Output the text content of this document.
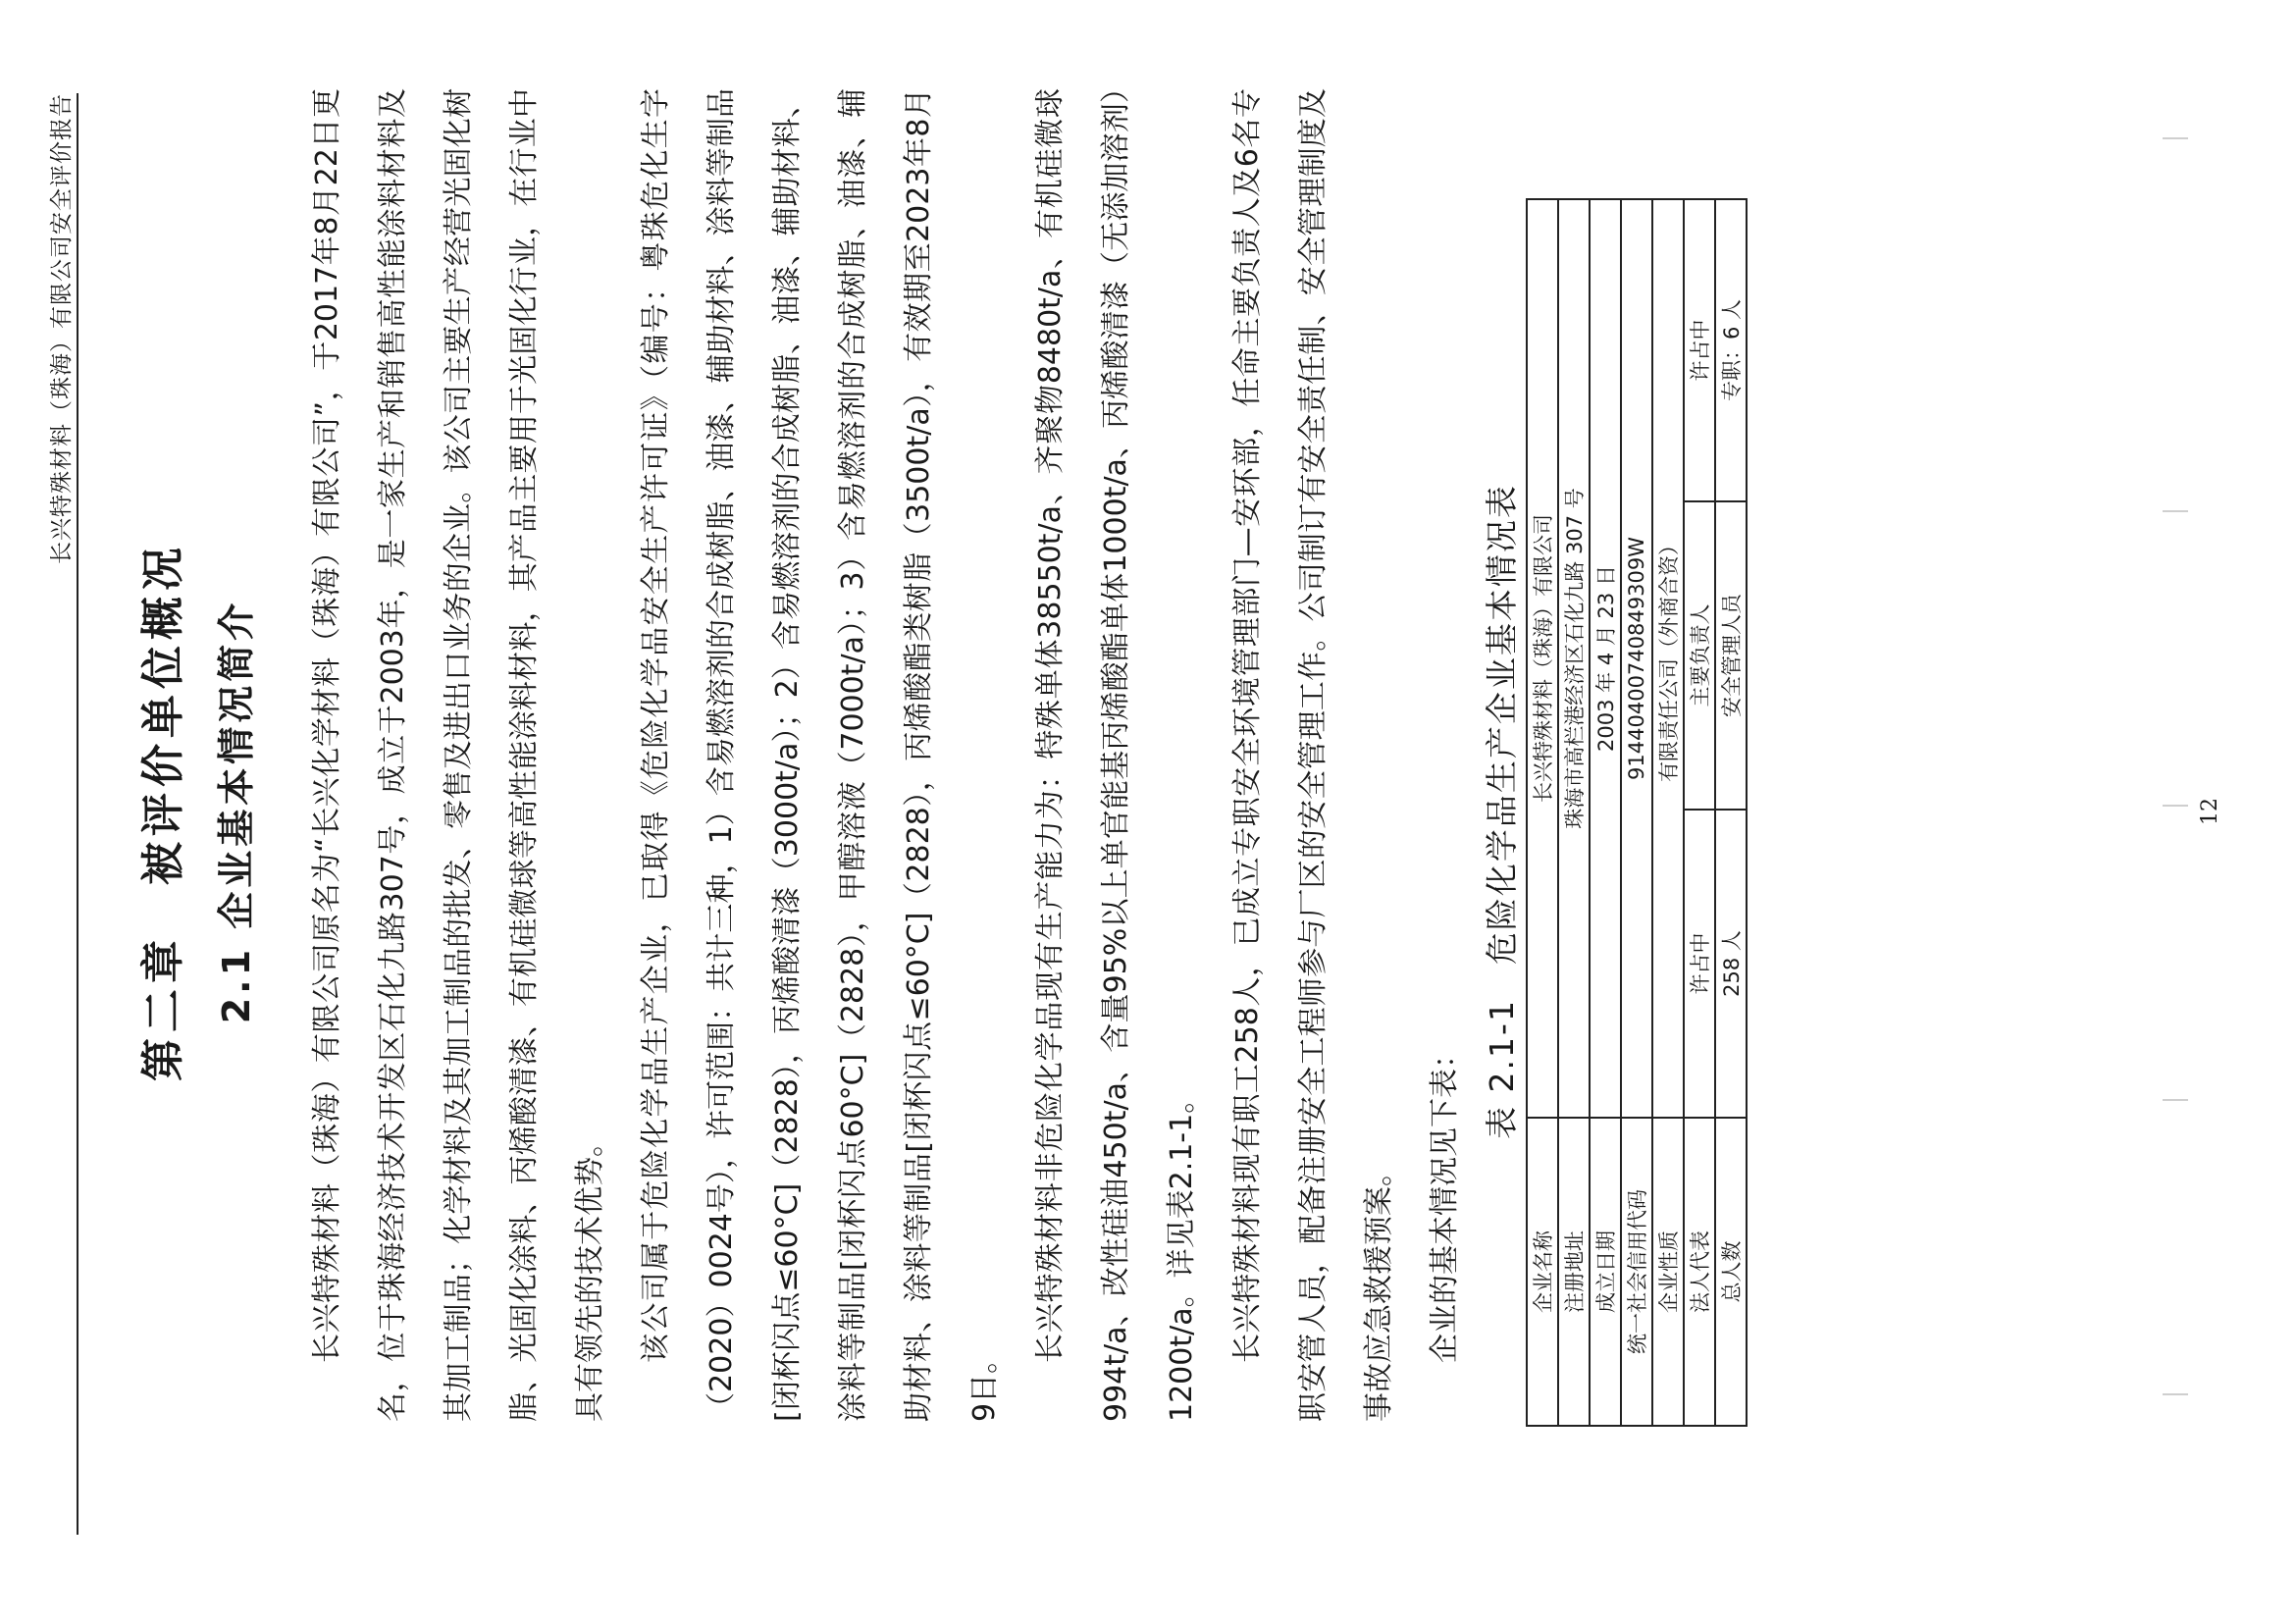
长兴特殊材料（珠海）有限公司安全评价报告
第二章　被评价单位概况 2.1 企业基本情况简介	长兴特殊材料（珠海）有限公司原名为“长兴化学材料（珠海）有限公司”，于2017年8月22日更名，位于珠海经济技术开发区石化九路307号，成立于2003年，是一家生产和销售高性能涂料材料及其加工制品；化学材料及其加工制品的批发、零售及进出口业务的企业。该公司主要生产经营光固化树脂、光固化涂料、丙烯酸清漆、有机硅微球等高性能涂料材料，其产品主要用于光固化行业，在行业中具有领先的技术优势。	该公司属于危险化学品生产企业，已取得《危险化学品安全生产许可证》（编号：粤珠危化生字（2020）0024号），许可范围：共计三种，1）含易燃溶剂的合成树脂、油漆、辅助材料、涂料等制品[闭杯闪点≤60°C]（2828），丙烯酸清漆（3000t/a）；2）含易燃溶剂的合成树脂、油漆、辅助材料、涂料等制品[闭杯闪点60°C]（2828），甲醇溶液（7000t/a）；3）含易燃溶剂的合成树脂、油漆、辅助材料、涂料等制品[闭杯闪点≤60°C]（2828），丙烯酸酯类树脂（3500t/a），有效期至2023年8月9日。

长兴特殊材料非危险化学品现有生产能力为：特殊单体38550t/a、齐聚物8480t/a、有机硅微球994t/a、改性硅油450t/a、含量95%以上单官能基丙烯酸酯单体1000t/a、丙烯酸清漆（无添加溶剂）1200t/a。详见表2.1-1。	长兴特殊材料现有职工258人，已成立专职安全环境管理部门—安环部，任命主要负责人及6名专职安管人员，配备注册安全工程师参与厂区的安全管理工作。公司制订有安全责任制、安全管理制度及事故应急救援预案。	企业的基本情况见下表：

表 2.1-1　危险化学品生产企业基本情况表
企业名称	长兴特殊材料（珠海）有限公司		
注册地址	珠海市高栏港经济区石化九路 307 号		
成立日期	2003 年 4 月 23 日		
统一社会信用代码	91440400740849309W		
企业性质	有限责任公司（外商合资）		
法人代表	许占中	主要负责人	许占中
总人数	258 人	安全管理人员	专职：6 人
12
